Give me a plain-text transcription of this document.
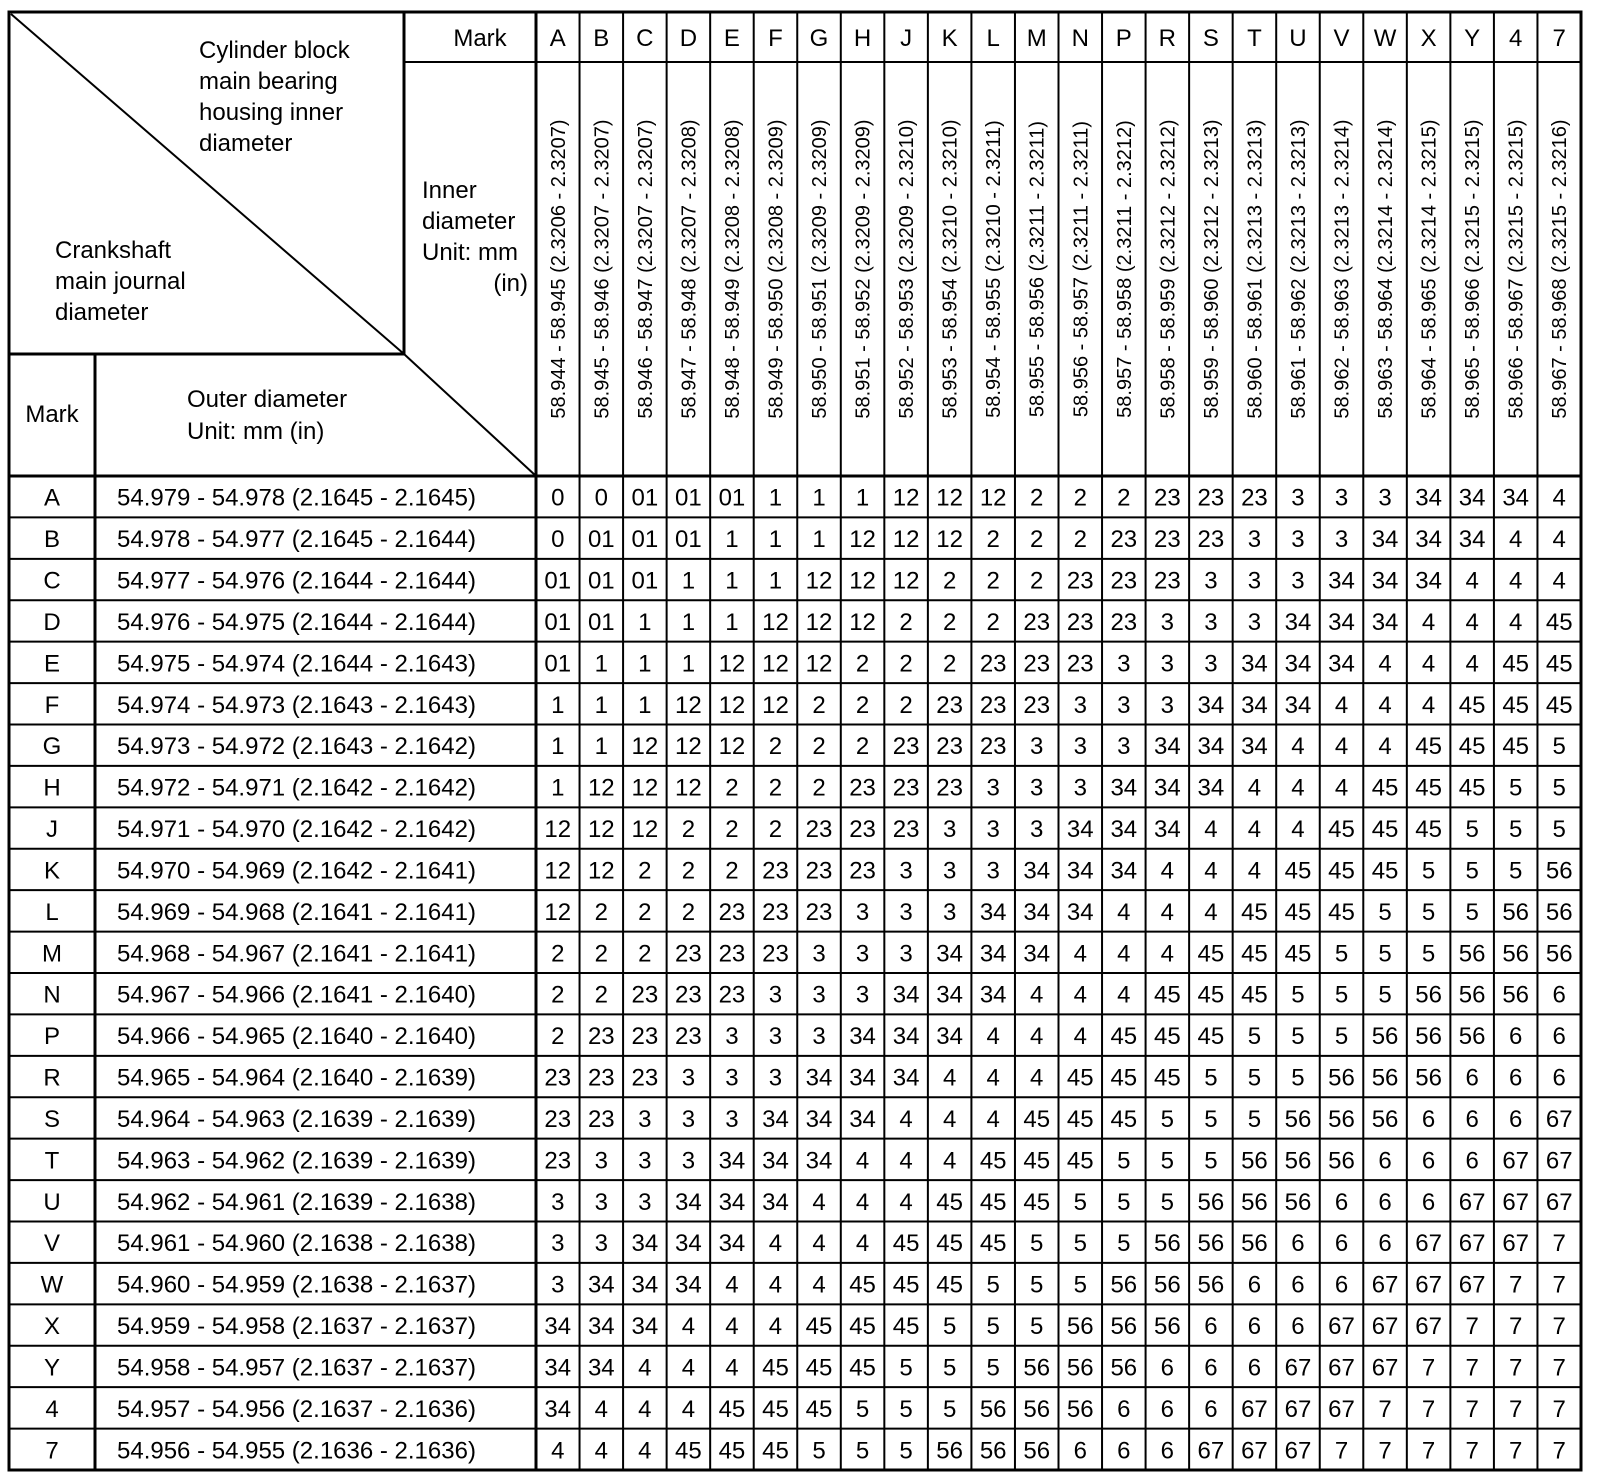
Mark
Cylinder block
main bearing
housing inner
diameter
Crankshaft
main journal
diameter
Inner
diameter
Unit: mm
(in)
Mark
Outer diameter
Unit: mm (in)
A
58.944 - 58.945 (2.3206 - 2.3207)
B
58.945 - 58.946 (2.3207 - 2.3207)
C
58.946 - 58.947 (2.3207 - 2.3207)
D
58.947 - 58.948 (2.3207 - 2.3208)
E
58.948 - 58.949 (2.3208 - 2.3208)
F
58.949 - 58.950 (2.3208 - 2.3209)
G
58.950 - 58.951 (2.3209 - 2.3209)
H
58.951 - 58.952 (2.3209 - 2.3209)
J
58.952 - 58.953 (2.3209 - 2.3210)
K
58.953 - 58.954 (2.3210 - 2.3210)
L
58.954 - 58.955 (2.3210 - 2.3211)
M
58.955 - 58.956 (2.3211 - 2.3211)
N
58.956 - 58.957 (2.3211 - 2.3211)
P
58.957 - 58.958 (2.3211 - 2.3212)
R
58.958 - 58.959 (2.3212 - 2.3212)
S
58.959 - 58.960 (2.3212 - 2.3213)
T
58.960 - 58.961 (2.3213 - 2.3213)
U
58.961 - 58.962 (2.3213 - 2.3213)
V
58.962 - 58.963 (2.3213 - 2.3214)
W
58.963 - 58.964 (2.3214 - 2.3214)
X
58.964 - 58.965 (2.3214 - 2.3215)
Y
58.965 - 58.966 (2.3215 - 2.3215)
4
58.966 - 58.967 (2.3215 - 2.3215)
7
58.967 - 58.968 (2.3215 - 2.3216)
A 54.979 - 54.978 (2.1645 - 2.1645)	0 0 01 01 01 1 1 1 12 12 12 2 2 2 23 23 23 3 3 3 34 34 34 4
B 54.978 - 54.977 (2.1645 - 2.1644)	0 01 01 01 1 1 1 12 12 12 2 2 2 23 23 23 3 3 3 34 34 34 4 4
C 54.977 - 54.976 (2.1644 - 2.1644)	01 01 01 1 1 1 12 12 12 2 2 2 23 23 23 3 3 3 34 34 34 4 4 4
D 54.976 - 54.975 (2.1644 - 2.1644)	01 01 1 1 1 12 12 12 2 2 2 23 23 23 3 3 3 34 34 34 4 4 4 45
E 54.975 - 54.974 (2.1644 - 2.1643)	01 1 1 1 12 12 12 2 2 2 23 23 23 3 3 3 34 34 34 4 4 4 45 45
F 54.974 - 54.973 (2.1643 - 2.1643)	1 1 1 12 12 12 2 2 2 23 23 23 3 3 3 34 34 34 4 4 4 45 45 45
G 54.973 - 54.972 (2.1643 - 2.1642)	1 1 12 12 12 2 2 2 23 23 23 3 3 3 34 34 34 4 4 4 45 45 45 5
H 54.972 - 54.971 (2.1642 - 2.1642)	1 12 12 12 2 2 2 23 23 23 3 3 3 34 34 34 4 4 4 45 45 45 5 5
J 54.971 - 54.970 (2.1642 - 2.1642)	12 12 12 2 2 2 23 23 23 3 3 3 34 34 34 4 4 4 45 45 45 5 5 5
K 54.970 - 54.969 (2.1642 - 2.1641)	12 12 2 2 2 23 23 23 3 3 3 34 34 34 4 4 4 45 45 45 5 5 5 56
L 54.969 - 54.968 (2.1641 - 2.1641)	12 2 2 2 23 23 23 3 3 3 34 34 34 4 4 4 45 45 45 5 5 5 56 56
M 54.968 - 54.967 (2.1641 - 2.1641)	2 2 2 23 23 23 3 3 3 34 34 34 4 4 4 45 45 45 5 5 5 56 56 56
N 54.967 - 54.966 (2.1641 - 2.1640)	2 2 23 23 23 3 3 3 34 34 34 4 4 4 45 45 45 5 5 5 56 56 56 6
P 54.966 - 54.965 (2.1640 - 2.1640)	2 23 23 23 3 3 3 34 34 34 4 4 4 45 45 45 5 5 5 56 56 56 6 6
R 54.965 - 54.964 (2.1640 - 2.1639)	23 23 23 3 3 3 34 34 34 4 4 4 45 45 45 5 5 5 56 56 56 6 6 6
S 54.964 - 54.963 (2.1639 - 2.1639)	23 23 3 3 3 34 34 34 4 4 4 45 45 45 5 5 5 56 56 56 6 6 6 67
T 54.963 - 54.962 (2.1639 - 2.1639)	23 3 3 3 34 34 34 4 4 4 45 45 45 5 5 5 56 56 56 6 6 6 67 67
U 54.962 - 54.961 (2.1639 - 2.1638)	3 3 3 34 34 34 4 4 4 45 45 45 5 5 5 56 56 56 6 6 6 67 67 67
V 54.961 - 54.960 (2.1638 - 2.1638)	3 3 34 34 34 4 4 4 45 45 45 5 5 5 56 56 56 6 6 6 67 67 67 7
W 54.960 - 54.959 (2.1638 - 2.1637)	3 34 34 34 4 4 4 45 45 45 5 5 5 56 56 56 6 6 6 67 67 67 7 7
X 54.959 - 54.958 (2.1637 - 2.1637)	34 34 34 4 4 4 45 45 45 5 5 5 56 56 56 6 6 6 67 67 67 7 7 7
Y 54.958 - 54.957 (2.1637 - 2.1637)	34 34 4 4 4 45 45 45 5 5 5 56 56 56 6 6 6 67 67 67 7 7 7 7
4 54.957 - 54.956 (2.1637 - 2.1636)	34 4 4 4 45 45 45 5 5 5 56 56 56 6 6 6 67 67 67 7 7 7 7 7
7 54.956 - 54.955 (2.1636 - 2.1636)	4 4 4 45 45 45 5 5 5 56 56 56 6 6 6 67 67 67 7 7 7 7 7 7
